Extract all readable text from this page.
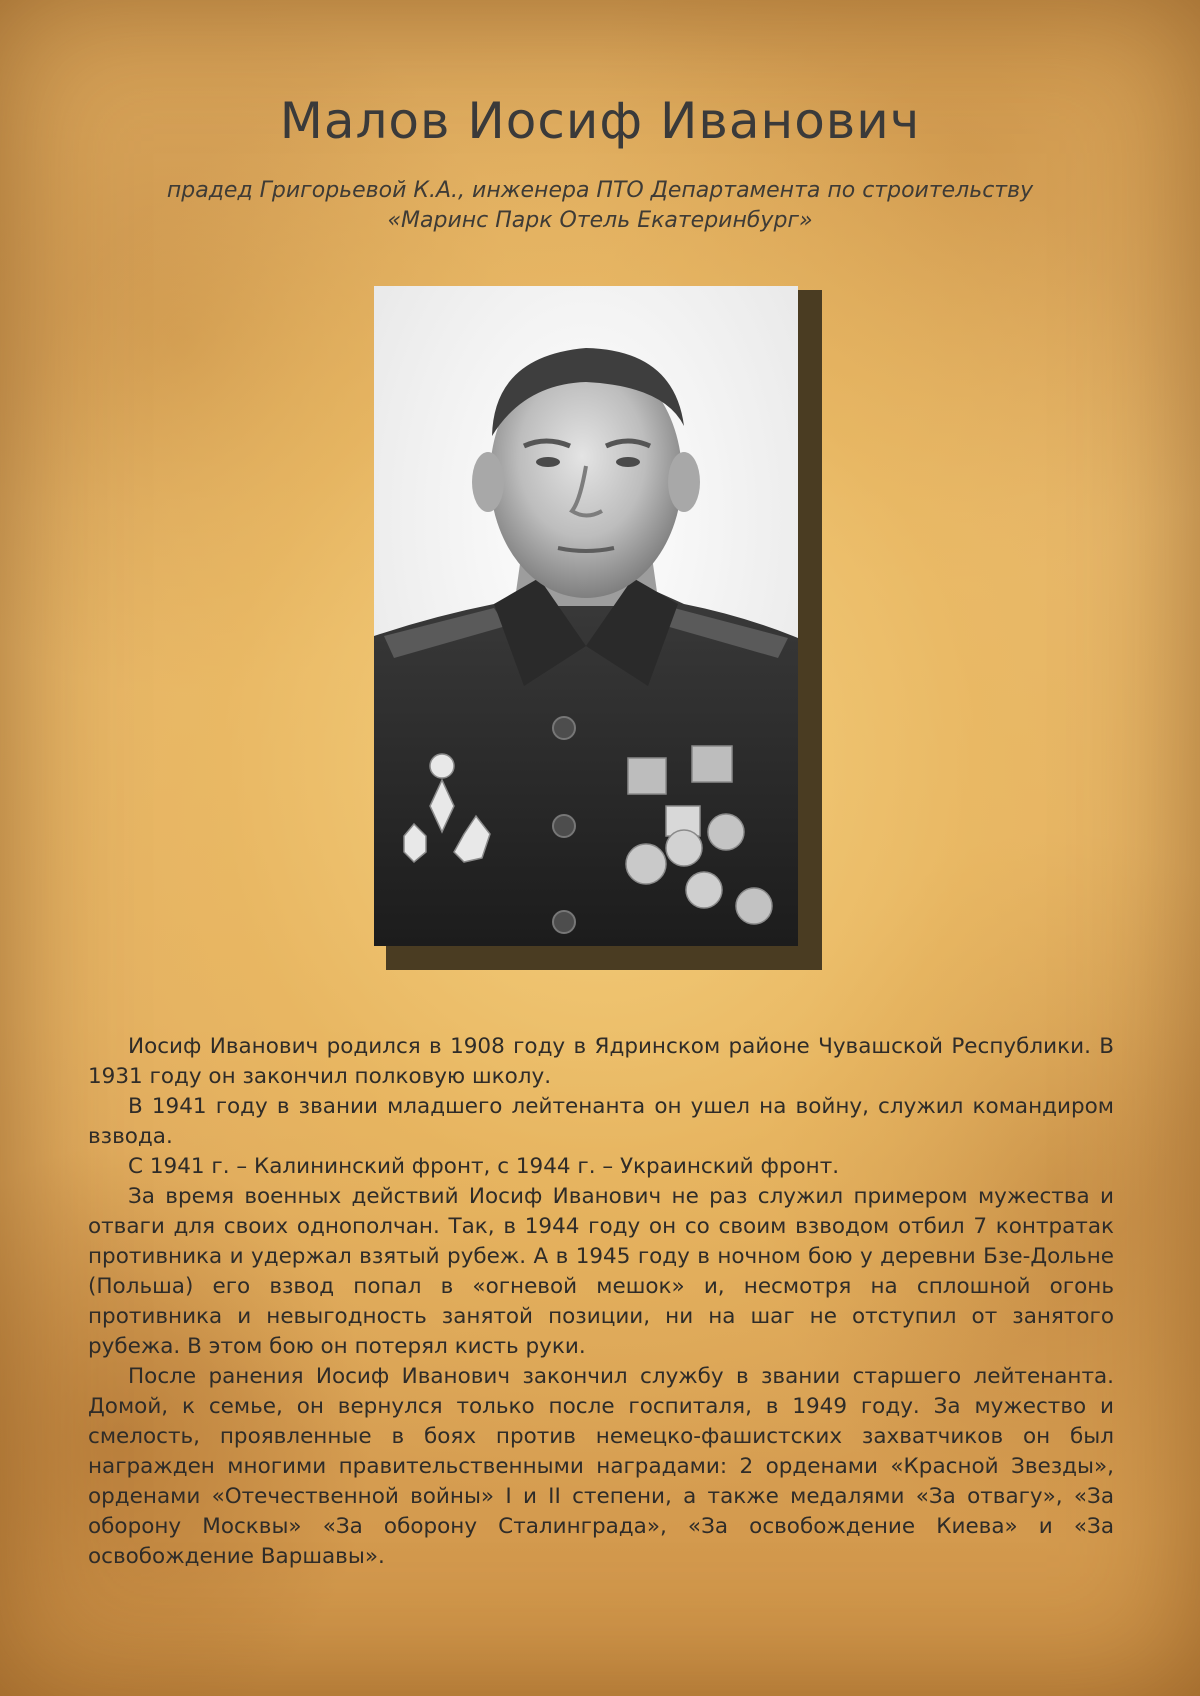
Малов Иосиф Иванович
прадед Григорьевой К.А., инженера ПТО Департамента по строительству
«Маринс Парк Отель Екатеринбург»

Иосиф Иванович родился в 1908 году в Ядринском районе Чувашской Республики. В 1931 году он закончил полковую школу.

В 1941 году в звании младшего лейтенанта он ушел на войну, служил командиром взвода.

С 1941 г. – Калининский фронт, с 1944 г. – Украинский фронт.

За время военных действий Иосиф Иванович не раз служил примером мужества и отваги для своих однополчан. Так, в 1944 году он со своим взводом отбил 7 контратак противника и удержал взятый рубеж. А в 1945 году в ночном бою у деревни Бзе-Дольне (Польша) его взвод попал в «огневой мешок» и, несмотря на сплошной огонь противника и невыгодность занятой позиции, ни на шаг не отступил от занятого рубежа. В этом бою он потерял кисть руки.

После ранения Иосиф Иванович закончил службу в звании старшего лейтенанта. Домой, к семье, он вернулся только после госпиталя, в 1949 году. За мужество и смелость, проявленные в боях против немецко-фашистских захватчиков он был награжден многими правительственными наградами: 2 орденами «Красной Звезды», орденами «Отечественной войны» I и II степени, а также медалями «За отвагу», «За оборону Москвы» «За оборону Сталинграда», «За освобождение Киева» и «За освобождение Варшавы».
